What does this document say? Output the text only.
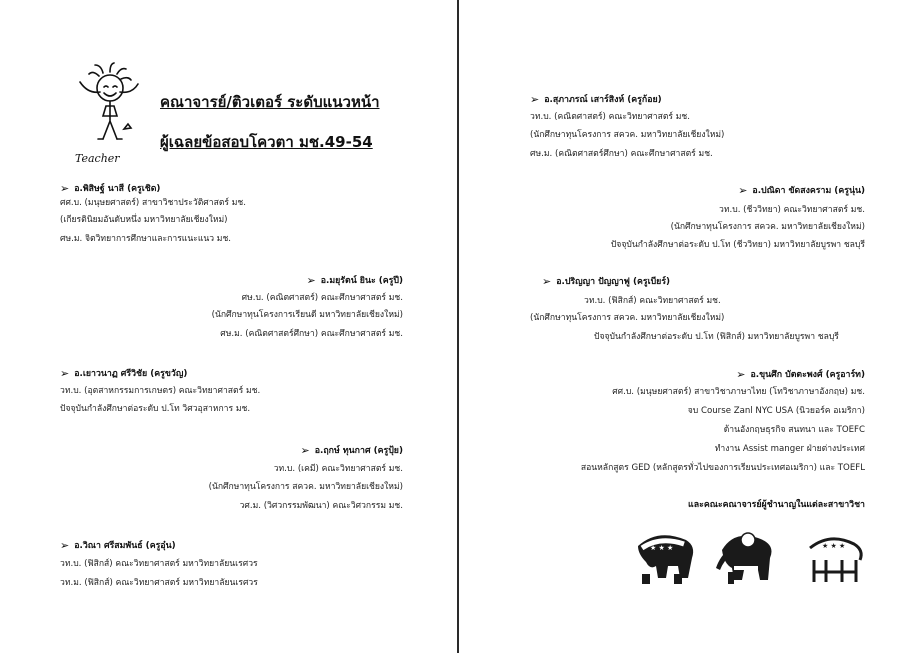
Teacher
คณาจารย์/ติวเตอร์ ระดับแนวหน้า
ผู้เฉลยข้อสอบโควตา มช.49-54
➢ อ.พิสิษฐ์ นาสี (ครูเชิด)
ศศ.บ. (มนุษยศาสตร์) สาขาวิชาประวัติศาสตร์ มช.
(เกียรตินิยมอันดับหนึ่ง มหาวิทยาลัยเชียงใหม่)
ศษ.ม. จิตวิทยาการศึกษาและการแนะแนว มช.
➢ อ.มยุรัตน์ ยินะ (ครูปี)
ศษ.บ. (คณิตศาสตร์) คณะศึกษาศาสตร์ มช.
(นักศึกษาทุนโครงการเรียนดี มหาวิทยาลัยเชียงใหม่)
ศษ.ม. (คณิตศาสตร์ศึกษา) คณะศึกษาศาสตร์ มช.
➢ อ.เยาวนาฏ ศรีวิชัย (ครูขวัญ)
วท.บ. (อุตสาหกรรมการเกษตร) คณะวิทยาศาสตร์ มช.
ปัจจุบันกำลังศึกษาต่อระดับ ป.โท วิศวอุสาหการ มช.
➢ อ.ฤกษ์ ทุนกาศ (ครูปุ้ย)
วท.บ. (เคมี) คณะวิทยาศาสตร์ มช.
(นักศึกษาทุนโครงการ สควค. มหาวิทยาลัยเชียงใหม่)
วศ.ม. (วิศวกรรมพัฒนา) คณะวิศวกรรม มช.
➢ อ.วิณา ศรีสมพันธ์ (ครูอุ๋น)
วท.บ. (ฟิสิกส์) คณะวิทยาศาสตร์ มหาวิทยาลัยนเรศวร
วท.ม. (ฟิสิกส์) คณะวิทยาศาสตร์ มหาวิทยาลัยนเรศวร
➢ อ.สุภาภรณ์ เสาร์สิงห์ (ครูก้อย)
วท.บ. (คณิตศาสตร์) คณะวิทยาศาสตร์ มช.
(นักศึกษาทุนโครงการ สควค. มหาวิทยาลัยเชียงใหม่)
ศษ.ม. (คณิตศาสตร์ศึกษา) คณะศึกษาศาสตร์ มช.
➢ อ.ปณิดา ขัดสงคราม (ครูนุ่น)
วท.บ. (ชีววิทยา) คณะวิทยาศาสตร์ มช.
(นักศึกษาทุนโครงการ สควค. มหาวิทยาลัยเชียงใหม่)
ปัจจุบันกำลังศึกษาต่อระดับ ป.โท (ชีววิทยา) มหาวิทยาลัยบูรพา ชลบุรี
➢ อ.ปริญญา ปัญญาฟู (ครูเบียร์)
วท.บ. (ฟิสิกส์) คณะวิทยาศาสตร์ มช.
(นักศึกษาทุนโครงการ สควค. มหาวิทยาลัยเชียงใหม่)
ปัจจุบันกำลังศึกษาต่อระดับ ป.โท (ฟิสิกส์) มหาวิทยาลัยบูรพา ชลบุรี
➢ อ.ขุนศึก บัตตะพงศ์ (ครูอาร์ท)
ศศ.บ. (มนุษยศาสตร์) สาขาวิชาภาษาไทย (โทวิชาภาษาอังกฤษ) มช.
จบ Course Zanl NYC USA (นิวยอร์ค อเมริกา)
ด้านอังกฤษธุรกิจ สนทนา และ TOEFC
ทำงาน Assist manger ฝ่ายต่างประเทศ
สอนหลักสูตร GED (หลักสูตรทั่วไปของการเรียนประเทศอเมริกา) และ TOEFL
และคณะคณาจารย์ผู้ชำนาญในแต่ละสาขาวิชา
★ ★ ★	★ ★ ★
